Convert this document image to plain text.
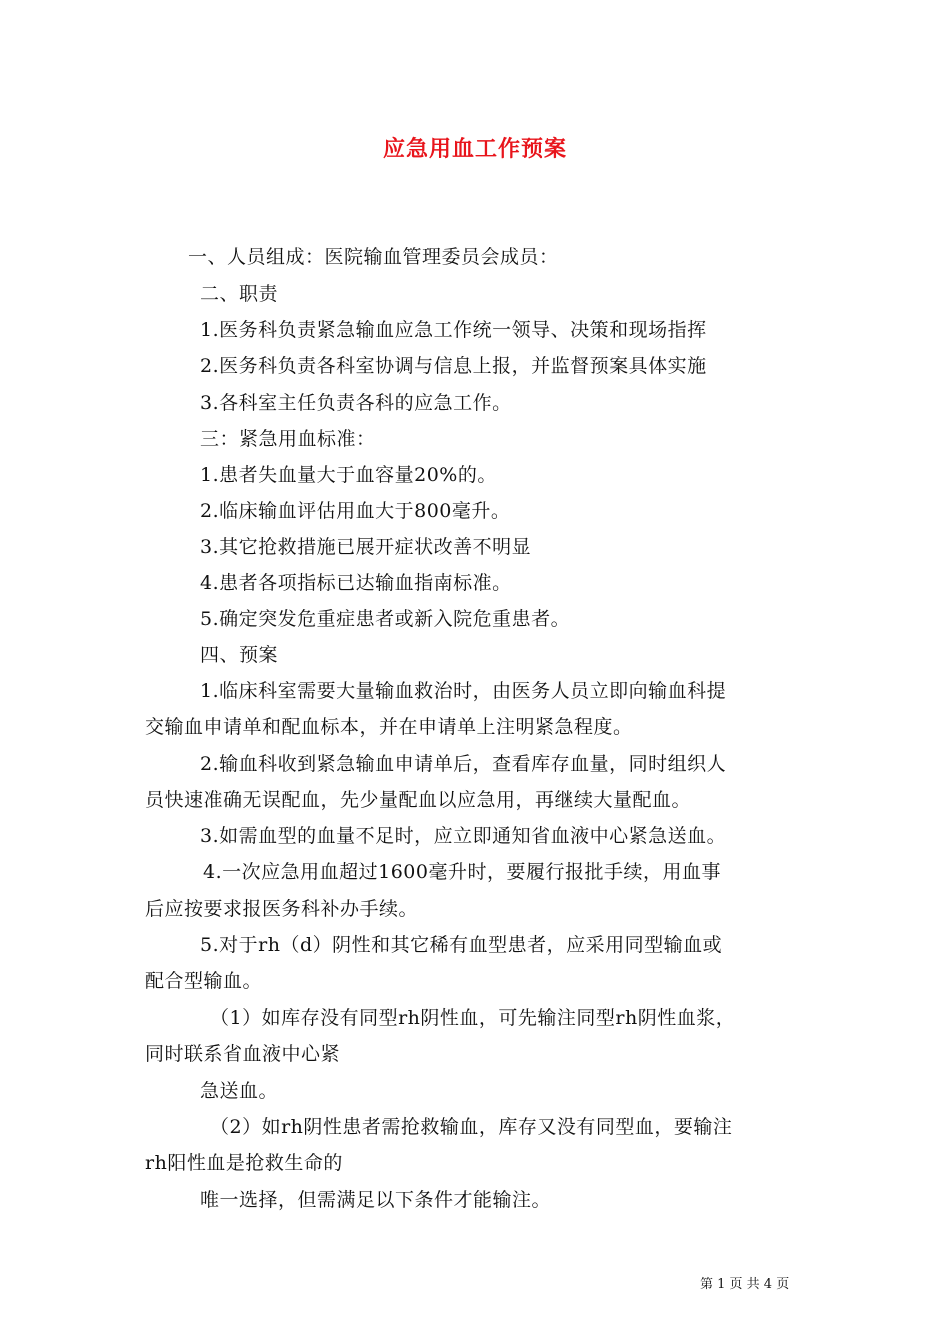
应急用血工作预案
一、人员组成：医院输血管理委员会成员：
二、职责
1.医务科负责紧急输血应急工作统一领导、决策和现场指挥
2.医务科负责各科室协调与信息上报，并监督预案具体实施
3.各科室主任负责各科的应急工作。
三：紧急用血标准：
1.患者失血量大于血容量20%的。
2.临床输血评估用血大于800毫升。
3.其它抢救措施已展开症状改善不明显
4.患者各项指标已达输血指南标准。
5.确定突发危重症患者或新入院危重患者。
四、预案
1.临床科室需要大量输血救治时，由医务人员立即向输血科提
交输血申请单和配血标本，并在申请单上注明紧急程度。
2.输血科收到紧急输血申请单后，查看库存血量，同时组织人
员快速准确无误配血，先少量配血以应急用，再继续大量配血。
3.如需血型的血量不足时，应立即通知省血液中心紧急送血。
4.一次应急用血超过1600毫升时，要履行报批手续，用血事
后应按要求报医务科补办手续。
5.对于rh（d）阴性和其它稀有血型患者，应采用同型输血或
配合型输血。
（1）如库存没有同型rh阴性血，可先输注同型rh阴性血浆，
同时联系省血液中心紧
急送血。
（2）如rh阴性患者需抢救输血，库存又没有同型血，要输注
rh阳性血是抢救生命的
唯一选择，但需满足以下条件才能输注。
第 1 页 共 4 页
